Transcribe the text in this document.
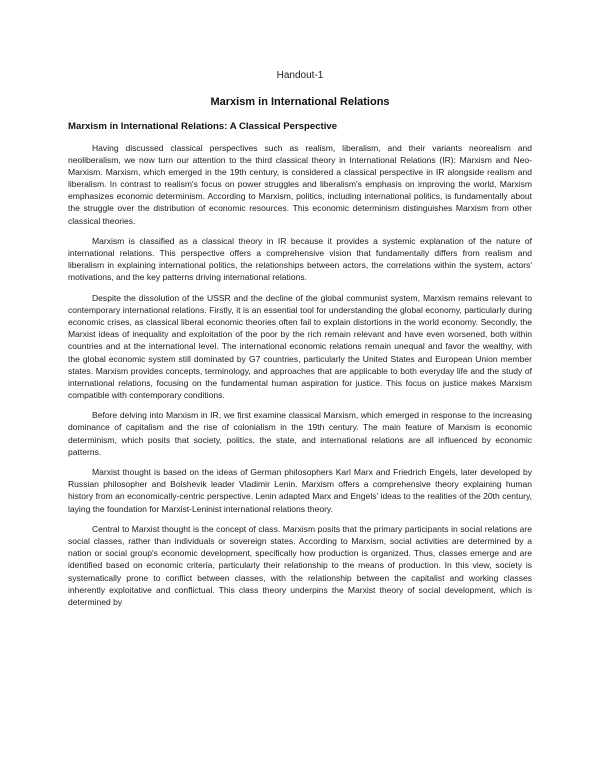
Handout-1
Marxism in International Relations
Marxism in International Relations: A Classical Perspective

Having discussed classical perspectives such as realism, liberalism, and their variants neorealism and neoliberalism, we now turn our attention to the third classical theory in International Relations (IR): Marxism and Neo-Marxism. Marxism, which emerged in the 19th century, is considered a classical perspective in IR alongside realism and liberalism. In contrast to realism's focus on power struggles and liberalism's emphasis on improving the world, Marxism emphasizes economic determinism. According to Marxism, politics, including international politics, is fundamentally about the struggle over the distribution of economic resources. This economic determinism distinguishes Marxism from other classical theories.

Marxism is classified as a classical theory in IR because it provides a systemic explanation of the nature of international relations. This perspective offers a comprehensive vision that fundamentally differs from realism and liberalism in explaining international politics, the relationships between actors, the correlations within the system, actors' motivations, and the key patterns driving international relations.

Despite the dissolution of the USSR and the decline of the global communist system, Marxism remains relevant to contemporary international relations. Firstly, it is an essential tool for understanding the global economy, particularly during economic crises, as classical liberal economic theories often fail to explain distortions in the world economy. Secondly, the Marxist ideas of inequality and exploitation of the poor by the rich remain relevant and have even worsened, both within countries and at the international level. The international economic relations remain unequal and favor the wealthy, with the global economic system still dominated by G7 countries, particularly the United States and European Union member states. Marxism provides concepts, terminology, and approaches that are applicable to both everyday life and the study of international relations, focusing on the fundamental human aspiration for justice. This focus on justice makes Marxism compatible with contemporary conditions.

Before delving into Marxism in IR, we first examine classical Marxism, which emerged in response to the increasing dominance of capitalism and the rise of colonialism in the 19th century. The main feature of Marxism is economic determinism, which posits that society, politics, the state, and international relations are all influenced by economic patterns.

Marxist thought is based on the ideas of German philosophers Karl Marx and Friedrich Engels, later developed by Russian philosopher and Bolshevik leader Vladimir Lenin. Marxism offers a comprehensive theory explaining human history from an economically-centric perspective. Lenin adapted Marx and Engels' ideas to the realities of the 20th century, laying the foundation for Marxist-Leninist international relations theory.

Central to Marxist thought is the concept of class. Marxism posits that the primary participants in social relations are social classes, rather than individuals or sovereign states. According to Marxism, social activities are determined by a nation or social group's economic development, specifically how production is organized. Thus, classes emerge and are identified based on economic criteria, particularly their relationship to the means of production. In this view, society is systematically prone to conflict between classes, with the relationship between the capitalist and working classes inherently exploitative and conflictual. This class theory underpins the Marxist theory of social development, which is determined by
